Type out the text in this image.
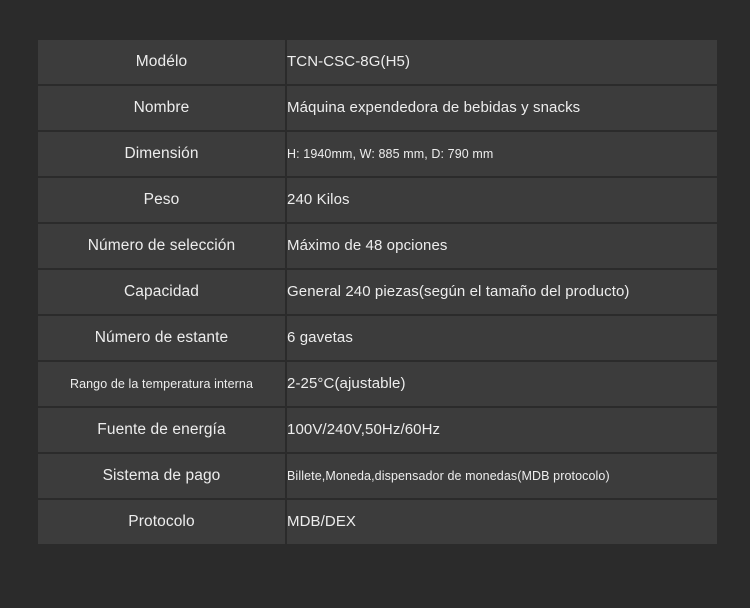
Modélo	TCN-CSC-8G(H5)

Nombre	Máquina expendedora de bebidas y snacks

Dimensión	H: 1940mm, W: 885 mm, D: 790 mm

Peso	240 Kilos

Número de selección	Máximo de 48 opciones

Capacidad	General 240 piezas(según el tamaño del producto)

Número de estante	6 gavetas

Rango de la temperatura interna	2-25°C(ajustable)

Fuente de energía	100V/240V,50Hz/60Hz

Sistema de pago	Billete,Moneda,dispensador de monedas(MDB protocolo)

Protocolo	MDB/DEX
